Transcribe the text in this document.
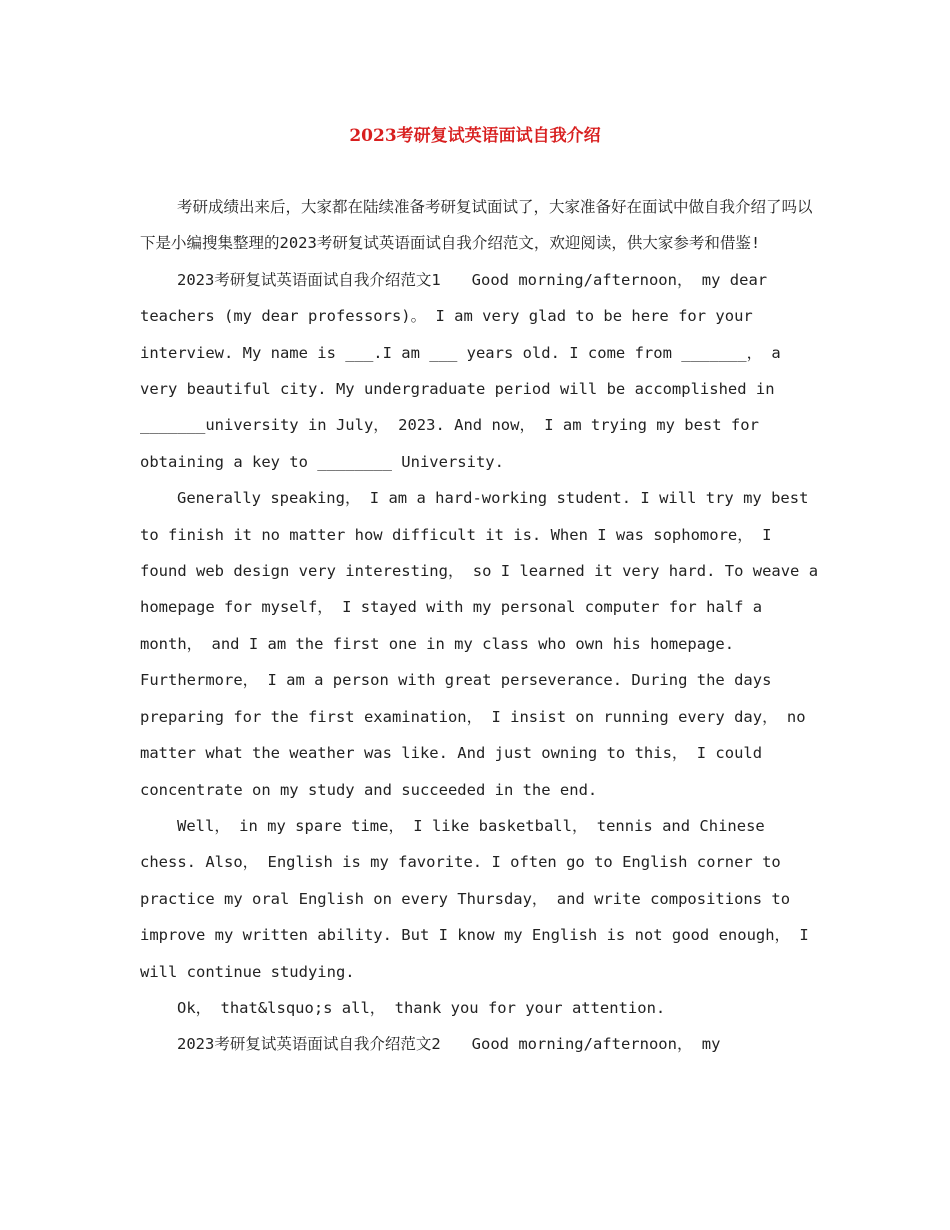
2023考研复试英语面试自我介绍

考研成绩出来后，大家都在陆续准备考研复试面试了，大家准备好在面试中做自我介绍了吗以下是小编搜集整理的2023考研复试英语面试自我介绍范文，欢迎阅读，供大家参考和借鉴!

2023考研复试英语面试自我介绍范文1　　Good morning/afternoon， my dear teachers (my dear professors)。 I am very glad to be here for your interview. My name is ___.I am ___ years old. I come from _______， a very beautiful city. My undergraduate period will be accomplished in _______university in July， 2023. And now， I am trying my best for obtaining a key to ________ University.

Generally speaking， I am a hard-working student. I will try my best to finish it no matter how difficult it is. When I was sophomore， I found web design very interesting， so I learned it very hard. To weave a homepage for myself， I stayed with my personal computer for half a month， and I am the first one in my class who own his homepage. Furthermore， I am a person with great perseverance. During the days preparing for the first examination， I insist on running every day， no matter what the weather was like. And just owning to this， I could concentrate on my study and succeeded in the end.

Well， in my spare time， I like basketball， tennis and Chinese chess. Also， English is my favorite. I often go to English corner to practice my oral English on every Thursday， and write compositions to improve my written ability. But I know my English is not good enough， I will continue studying.

Ok， that&lsquo;s all， thank you for your attention.

2023考研复试英语面试自我介绍范文2　　Good morning/afternoon， my
